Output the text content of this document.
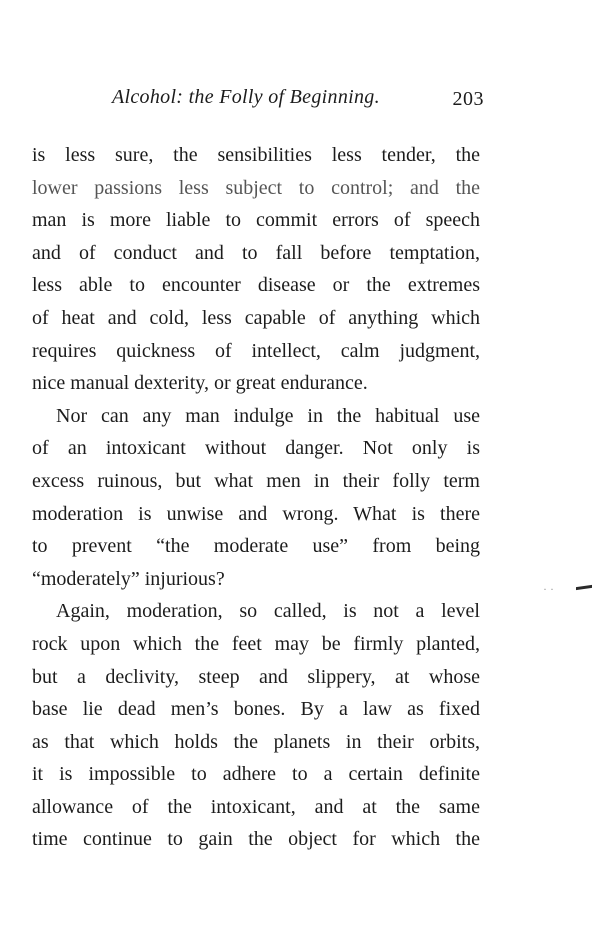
Alcohol: the Folly of Beginning.	203
is less sure, the sensibilities less tender, the
lower passions less subject to control; and the
man is more liable to commit errors of speech
and of conduct and to fall before temptation,
less able to encounter disease or the extremes
of heat and cold, less capable of anything which
requires quickness of intellect, calm judgment,
nice manual dexterity, or great endurance.
Nor can any man indulge in the habitual use
of an intoxicant without danger. Not only is
excess ruinous, but what men in their folly term
moderation is unwise and wrong. What is there
to prevent “the moderate use” from being
“moderately” injurious?
Again, moderation, so called, is not a level
rock upon which the feet may be firmly planted,
but a declivity, steep and slippery, at whose
base lie dead men’s bones. By a law as fixed
as that which holds the planets in their orbits,
it is impossible to adhere to a certain definite
allowance of the intoxicant, and at the same
time continue to gain the object for which the
· ·
